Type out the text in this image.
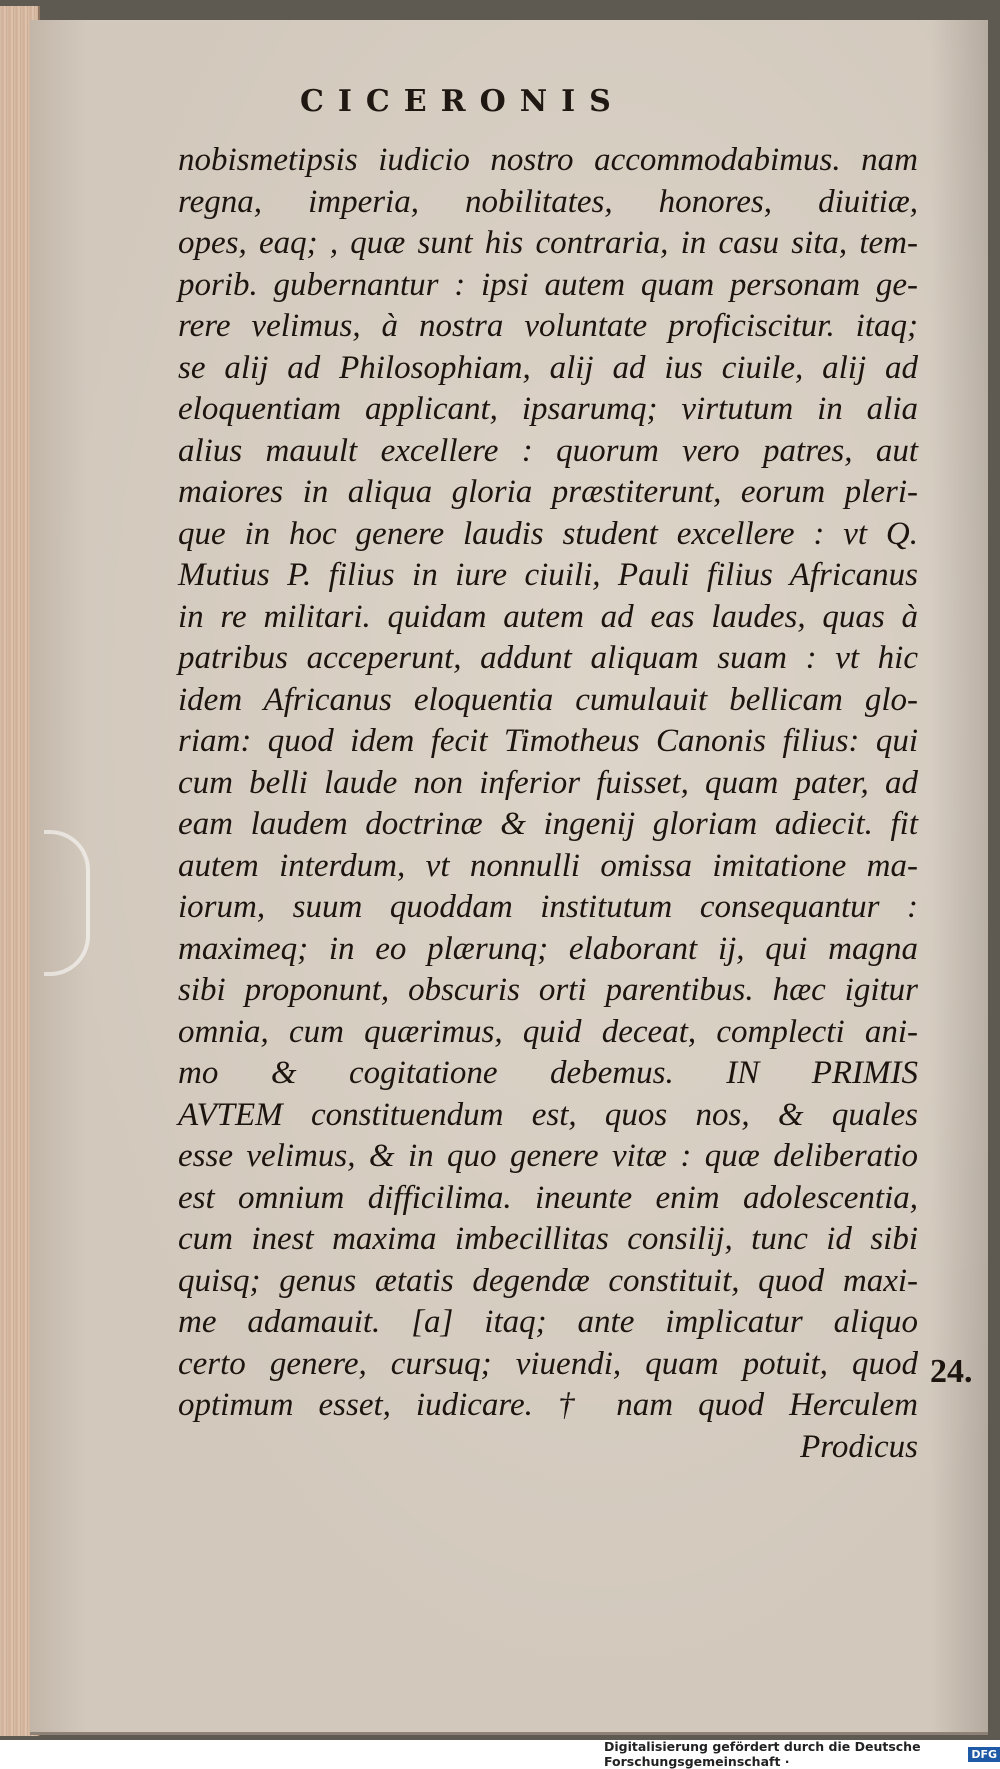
CICERONIS
nobismetipsis iudicio nostro accommodabimus. nam
regna, imperia, nobilitates, honores, diuitiæ,
opes, eaq; , quæ sunt his contraria, in casu sita, tem-
porib. gubernantur : ipsi autem quam personam ge-
rere velimus, à nostra voluntate proficiscitur. itaq;
se alij ad Philosophiam, alij ad ius ciuile, alij ad
eloquentiam applicant, ipsarumq; virtutum in alia
alius mauult excellere : quorum vero patres, aut
maiores in aliqua gloria præstiterunt, eorum pleri-
que in hoc genere laudis student excellere : vt Q.
Mutius P. filius in iure ciuili, Pauli filius Africanus
in re militari. quidam autem ad eas laudes, quas à
patribus acceperunt, addunt aliquam suam : vt hic
idem Africanus eloquentia cumulauit bellicam glo-
riam: quod idem fecit Timotheus Canonis filius: qui
cum belli laude non inferior fuisset, quam pater, ad
eam laudem doctrinæ & ingenij gloriam adiecit. fit
autem interdum, vt nonnulli omissa imitatione ma-
iorum, suum quoddam institutum consequantur :
maximeq; in eo plærunq; elaborant ij, qui magna
sibi proponunt, obscuris orti parentibus. hæc igitur
omnia, cum quærimus, quid deceat, complecti ani-
mo & cogitatione debemus. IN PRIMIS
AVTEM constituendum est, quos nos, & quales
esse velimus, & in quo genere vitæ : quæ deliberatio
est omnium difficilima. ineunte enim adolescentia,
cum inest maxima imbecillitas consilij, tunc id sibi
quisq; genus ætatis degendæ constituit, quod maxi-
me adamauit. [a] itaq; ante implicatur aliquo
certo genere, cursuq; viuendi, quam potuit, quod
optimum esset, iudicare. † nam quod Herculem
Prodicus
24.
Digitalisierung gefördert durch die Deutsche Forschungsgemeinschaft ·	DFG
